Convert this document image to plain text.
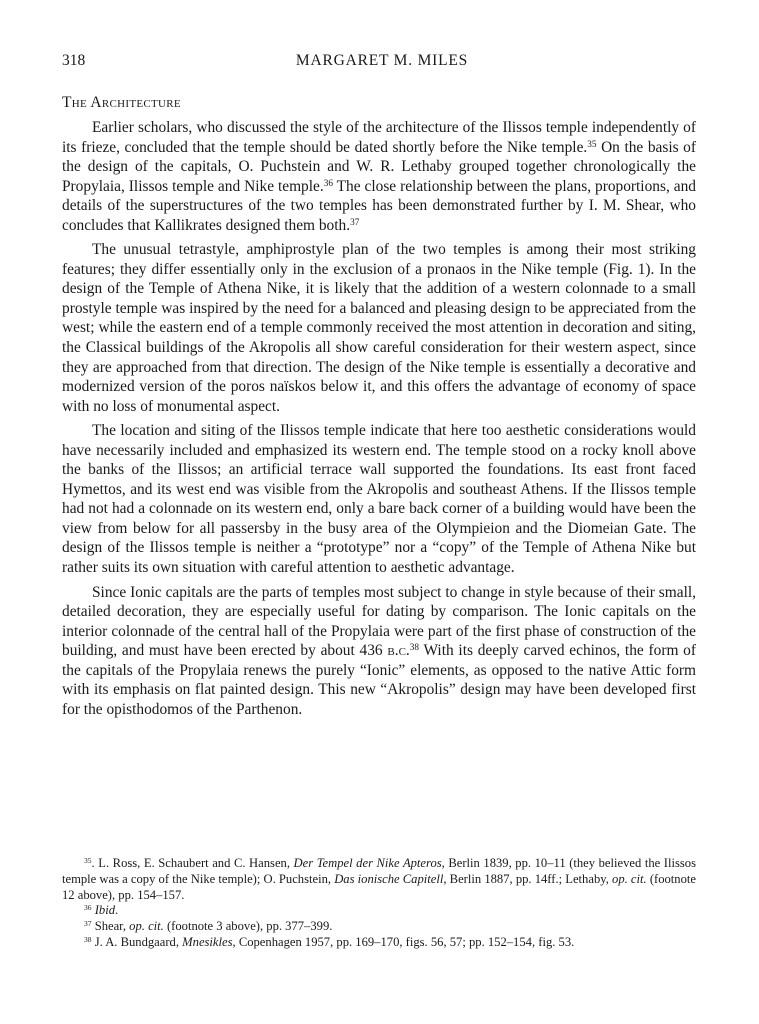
318	MARGARET M. MILES
The Architecture

Earlier scholars, who discussed the style of the architecture of the Ilissos temple independently of its frieze, concluded that the temple should be dated shortly before the Nike temple.$^{35}$ On the basis of the design of the capitals, O. Puchstein and W. R. Lethaby grouped together chronologically the Propylaia, Ilissos temple and Nike temple.$^{36}$ The close relationship between the plans, proportions, and details of the superstructures of the two temples has been demonstrated further by I. M. Shear, who concludes that Kallikrates designed them both.$^{37}$

The unusual tetrastyle, amphiprostyle plan of the two temples is among their most striking features; they differ essentially only in the exclusion of a pronaos in the Nike temple (Fig. 1). In the design of the Temple of Athena Nike, it is likely that the addition of a western colonnade to a small prostyle temple was inspired by the need for a balanced and pleasing design to be appreciated from the west; while the eastern end of a temple commonly received the most attention in decoration and siting, the Classical buildings of the Akropolis all show careful consideration for their western aspect, since they are approached from that direction. The design of the Nike temple is essentially a decorative and modernized version of the poros naïskos below it, and this offers the advantage of economy of space with no loss of monumental aspect.

The location and siting of the Ilissos temple indicate that here too aesthetic considerations would have necessarily included and emphasized its western end. The temple stood on a rocky knoll above the banks of the Ilissos; an artificial terrace wall supported the foundations. Its east front faced Hymettos, and its west end was visible from the Akropolis and southeast Athens. If the Ilissos temple had not had a colonnade on its western end, only a bare back corner of a building would have been the view from below for all passersby in the busy area of the Olympieion and the Diomeian Gate. The design of the Ilissos temple is neither a “prototype” nor a “copy” of the Temple of Athena Nike but rather suits its own situation with careful attention to aesthetic advantage.

Since Ionic capitals are the parts of temples most subject to change in style because of their small, detailed decoration, they are especially useful for dating by comparison. The Ionic capitals on the interior colonnade of the central hall of the Propylaia were part of the first phase of construction of the building, and must have been erected by about 436 b.c.$^{38}$ With its deeply carved echinos, the form of the capitals of the Propylaia renews the purely “Ionic” elements, as opposed to the native Attic form with its emphasis on flat painted design. This new “Akropolis” design may have been developed first for the opisthodomos of the Parthenon.

$^{35}$. L. Ross, E. Schaubert and C. Hansen, Der Tempel der Nike Apteros, Berlin 1839, pp. 10–11 (they believed the Ilissos temple was a copy of the Nike temple); O. Puchstein, Das ionische Capitell, Berlin 1887, pp. 14ff.; Lethaby, op. cit. (footnote 12 above), pp. 154–157.

$^{36}$ Ibid.

$^{37}$ Shear, op. cit. (footnote 3 above), pp. 377–399.

$^{38}$ J. A. Bundgaard, Mnesikles, Copenhagen 1957, pp. 169–170, figs. 56, 57; pp. 152–154, fig. 53.
